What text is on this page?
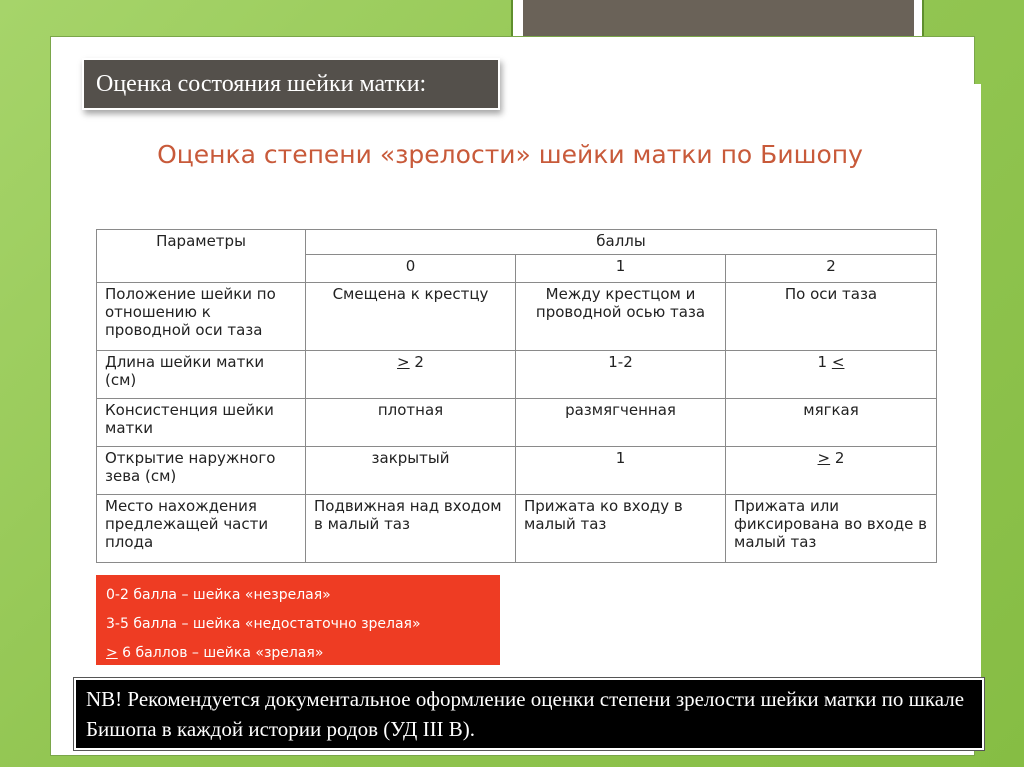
Оценка состояния шейки матки:
Оценка степени «зрелости» шейки матки по Бишопу
Параметры	баллы		
	0	1	2
Положение шейки по отношению к проводной оси таза	Смещена к крестцу	Между крестцом и проводной осью таза	По оси таза
Длина шейки матки (см)	≥ 2	1-2	1 <
Консистенция шейки матки	плотная	размягченная	мягкая
Открытие наружного зева (см)	закрытый	1	≥ 2
Место нахождения предлежащей части плода	Подвижная над входом в малый таз	Прижата ко входу в малый таз	Прижата или фиксирована во входе в малый таз
0-2 балла – шейка «незрелая»
3-5 балла – шейка «недостаточно зрелая»
≥ 6 баллов – шейка «зрелая»
NB! Рекомендуется документальное оформление оценки степени зрелости шейки матки по шкале Бишопа в каждой истории родов (УД III B).
